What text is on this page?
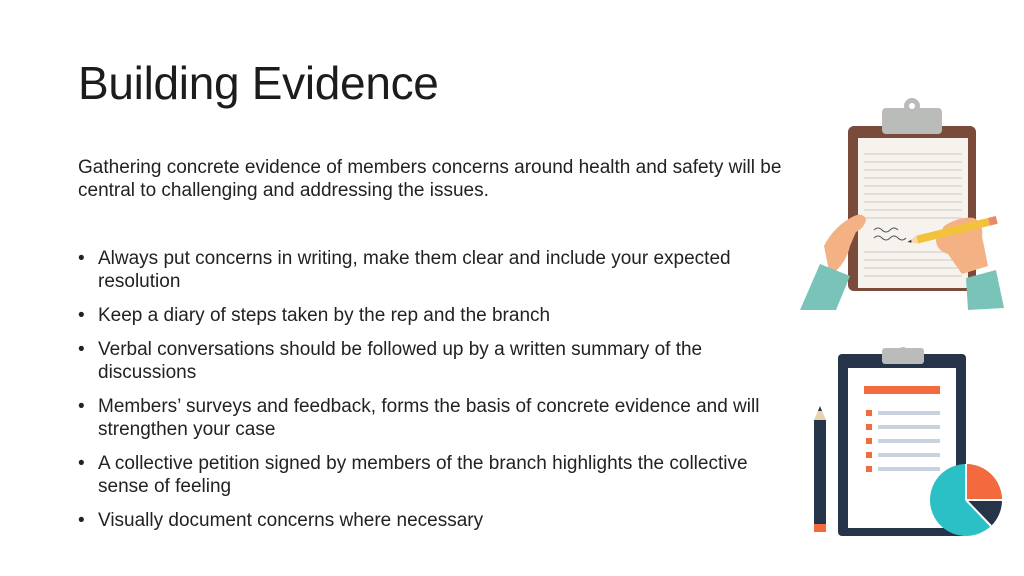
Building Evidence
Gathering concrete evidence of members concerns around health and safety will be central to challenging and addressing the issues.
• Always put concerns in writing, make them clear and include your expected resolution
• Keep a diary of steps taken by the rep and the branch
• Verbal conversations should be followed up by a written summary of the discussions
• Members’ surveys and feedback, forms the basis of concrete evidence and will strengthen your case
• A collective petition signed by members of the branch highlights the collective sense of feeling
• Visually document concerns where necessary
